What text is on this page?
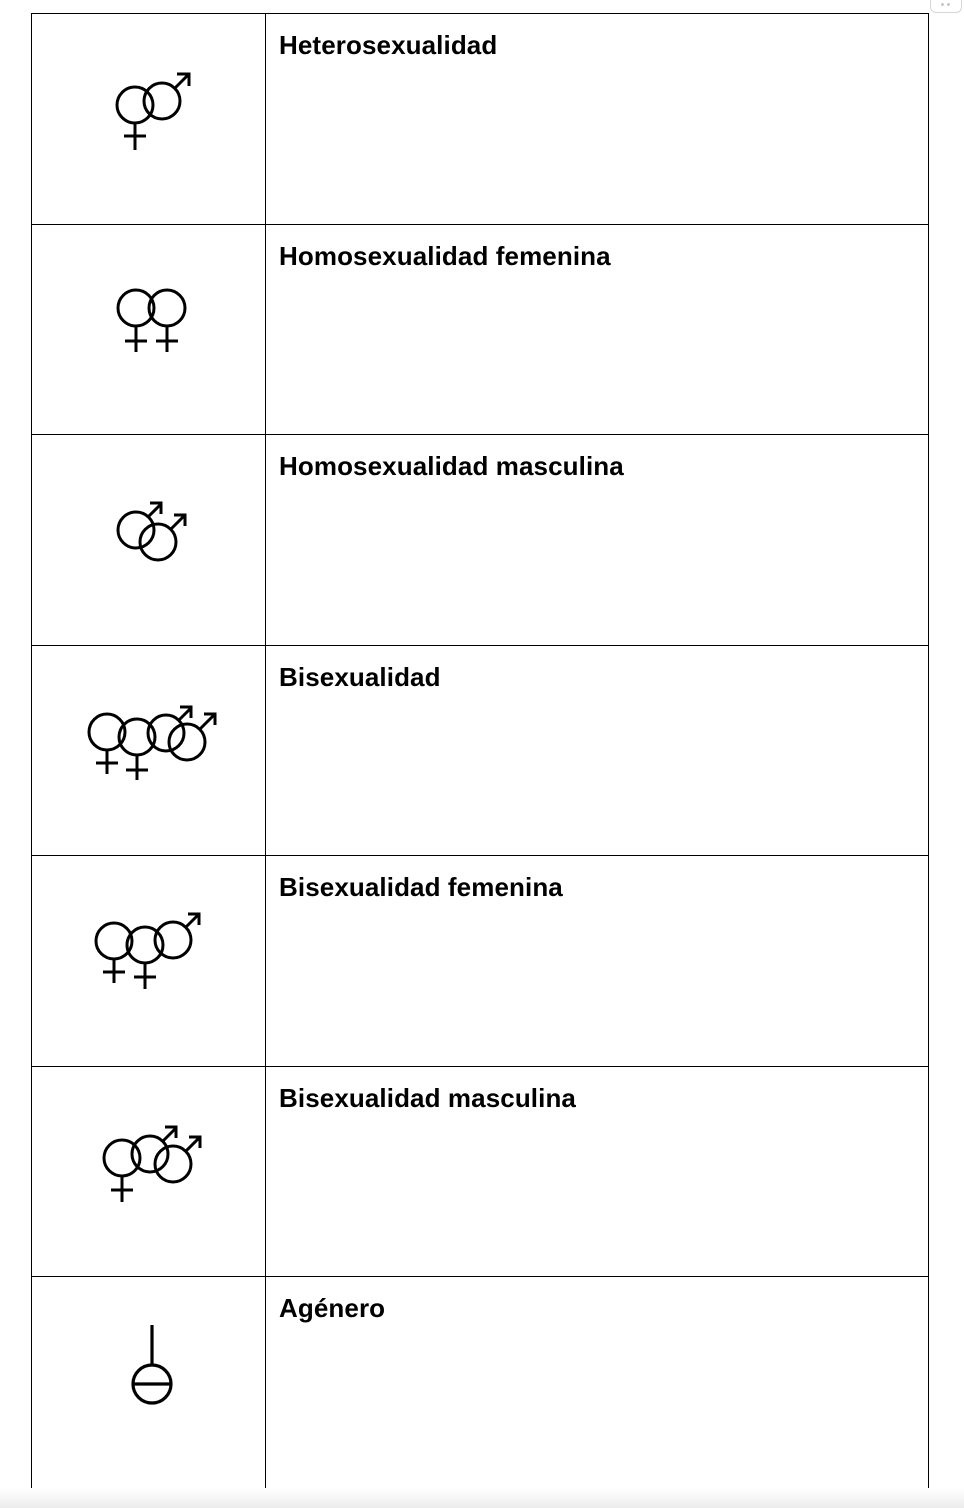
Heterosexualidad
Homosexualidad femenina
Homosexualidad masculina
Bisexualidad
Bisexualidad femenina
Bisexualidad masculina
Agénero
